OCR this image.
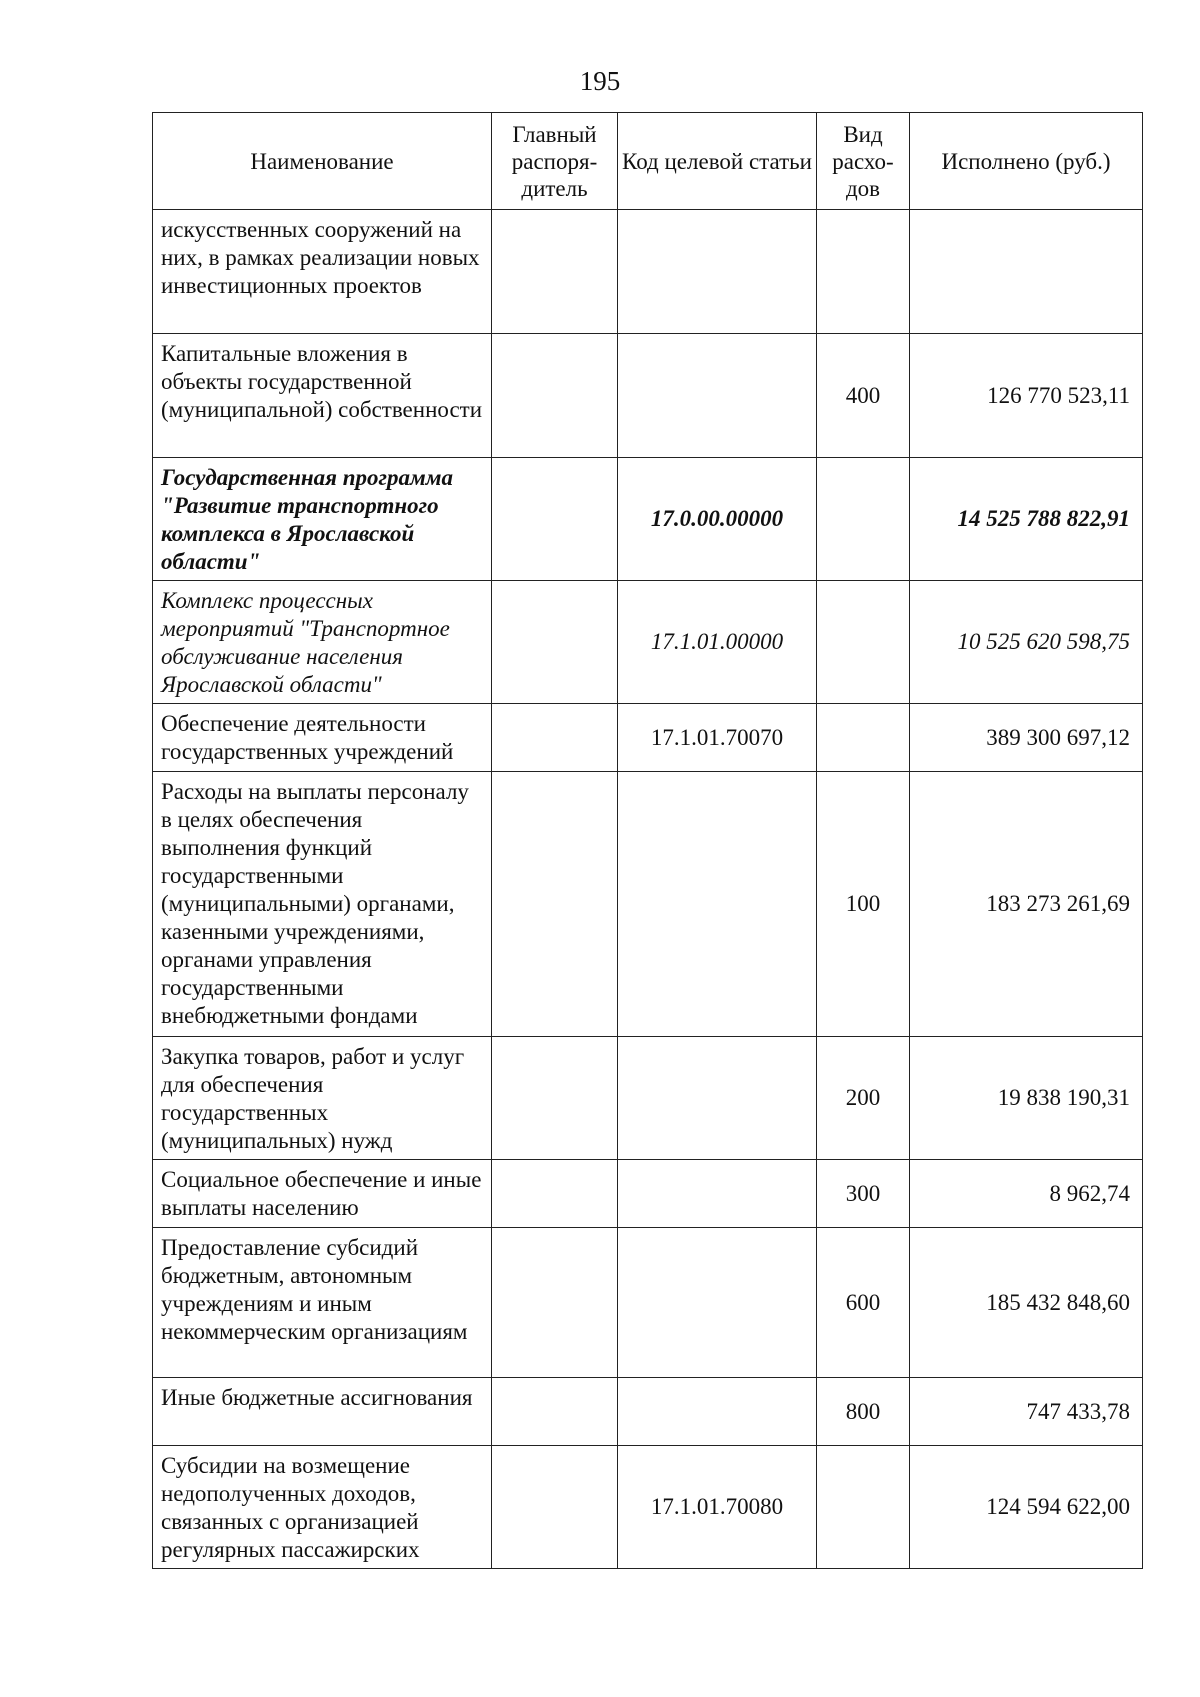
195
Наименование	Главный распоря-дитель	Код целевой статьи	Вид расхо-дов	Исполнено (руб.)
искусственных сооружений на них, в рамках реализации новых инвестиционных проектов				
Капитальные вложения в объекты государственной (муниципальной) собственности			400	126 770 523,11
Государственная программа "Развитие транспортного комплекса в Ярославской области"		17.0.00.00000		14 525 788 822,91
Комплекс процессных мероприятий "Транспортное обслуживание населения Ярославской области"		17.1.01.00000		10 525 620 598,75
Обеспечение деятельности государственных учреждений		17.1.01.70070		389 300 697,12
Расходы на выплаты персоналу в целях обеспечения выполнения функций государственными (муниципальными) органами, казенными учреждениями, органами управления государственными внебюджетными фондами			100	183 273 261,69
Закупка товаров, работ и услуг для обеспечения государственных (муниципальных) нужд			200	19 838 190,31
Социальное обеспечение и иные выплаты населению			300	8 962,74
Предоставление субсидий бюджетным, автономным учреждениям и иным некоммерческим организациям			600	185 432 848,60
Иные бюджетные ассигнования			800	747 433,78
Субсидии на возмещение недополученных доходов, связанных с организацией регулярных пассажирских		17.1.01.70080		124 594 622,00
